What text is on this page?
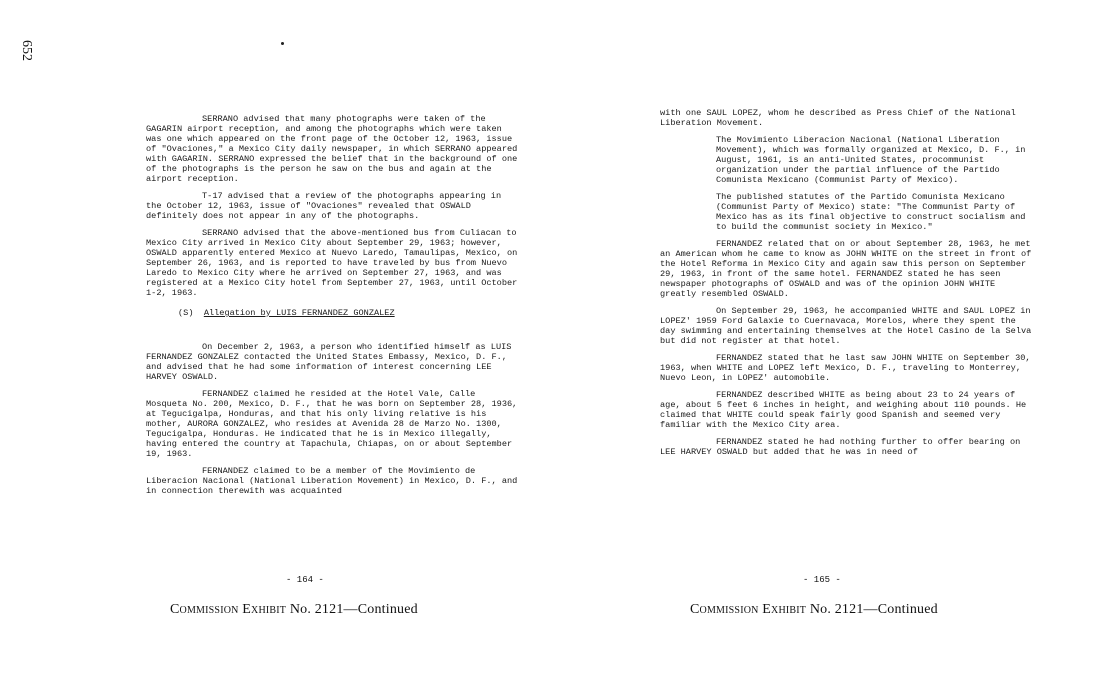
652

SERRANO advised that many photographs were taken of the GAGARIN airport reception, and among the photographs which were taken was one which appeared on the front page of the October 12, 1963, issue of "Ovaciones," a Mexico City daily newspaper, in which SERRANO appeared with GAGARIN. SERRANO expressed the belief that in the background of one of the photographs is the person he saw on the bus and again at the airport reception.

T-17 advised that a review of the photographs appearing in the October 12, 1963, issue of "Ovaciones" revealed that OSWALD definitely does not appear in any of the photographs.

SERRANO advised that the above-mentioned bus from Culiacan to Mexico City arrived in Mexico City about September 29, 1963; however, OSWALD apparently entered Mexico at Nuevo Laredo, Tamaulipas, Mexico, on September 26, 1963, and is reported to have traveled by bus from Nuevo Laredo to Mexico City where he arrived on September 27, 1963, and was registered at a Mexico City hotel from September 27, 1963, until October 1-2, 1963.

(S) Allegation by LUIS FERNANDEZ GONZALEZ

On December 2, 1963, a person who identified himself as LUIS FERNANDEZ GONZALEZ contacted the United States Embassy, Mexico, D. F., and advised that he had some information of interest concerning LEE HARVEY OSWALD.

FERNANDEZ claimed he resided at the Hotel Vale, Calle Mosqueta No. 200, Mexico, D. F., that he was born on September 28, 1936, at Tegucigalpa, Honduras, and that his only living relative is his mother, AURORA GONZALEZ, who resides at Avenida 28 de Marzo No. 1300, Tegucigalpa, Honduras. He indicated that he is in Mexico illegally, having entered the country at Tapachula, Chiapas, on or about September 19, 1963.

FERNANDEZ claimed to be a member of the Movimiento de Liberacion Nacional (National Liberation Movement) in Mexico, D. F., and in connection therewith was acquainted

with one SAUL LOPEZ, whom he described as Press Chief of the National Liberation Movement.

The Movimiento Liberacion Nacional (National Liberation Movement), which was formally organized at Mexico, D. F., in August, 1961, is an anti-United States, procommunist organization under the partial influence of the Partido Comunista Mexicano (Communist Party of Mexico).

The published statutes of the Partido Comunista Mexicano (Communist Party of Mexico) state: "The Communist Party of Mexico has as its final objective to construct socialism and to build the communist society in Mexico."

FERNANDEZ related that on or about September 28, 1963, he met an American whom he came to know as JOHN WHITE on the street in front of the Hotel Reforma in Mexico City and again saw this person on September 29, 1963, in front of the same hotel. FERNANDEZ stated he has seen newspaper photographs of OSWALD and was of the opinion JOHN WHITE greatly resembled OSWALD.

On September 29, 1963, he accompanied WHITE and SAUL LOPEZ in LOPEZ' 1959 Ford Galaxie to Cuernavaca, Morelos, where they spent the day swimming and entertaining themselves at the Hotel Casino de la Selva but did not register at that hotel.

FERNANDEZ stated that he last saw JOHN WHITE on September 30, 1963, when WHITE and LOPEZ left Mexico, D. F., traveling to Monterrey, Nuevo Leon, in LOPEZ' automobile.

FERNANDEZ described WHITE as being about 23 to 24 years of age, about 5 feet 6 inches in height, and weighing about 110 pounds. He claimed that WHITE could speak fairly good Spanish and seemed very familiar with the Mexico City area.

FERNANDEZ stated he had nothing further to offer bearing on LEE HARVEY OSWALD but added that he was in need of

- 164 -	- 165 -
Commission Exhibit No. 2121—Continued	Commission Exhibit No. 2121—Continued
